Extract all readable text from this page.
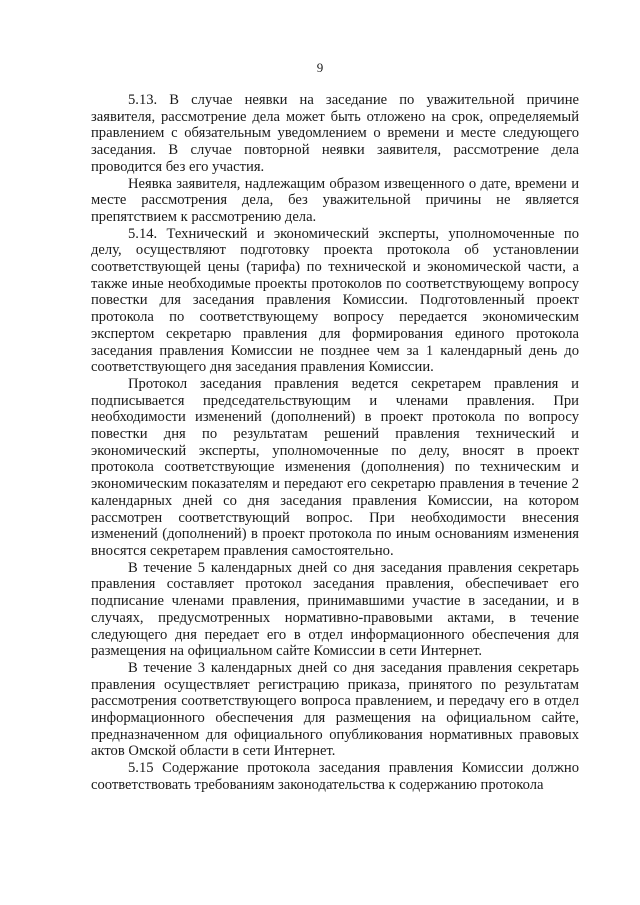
9

5.13. В случае неявки на заседание по уважительной причине заявителя, рассмотрение дела может быть отложено на срок, определяемый правлением с обязательным уведомлением о времени и месте следующего заседания. В случае повторной неявки заявителя, рассмотрение дела проводится без его участия.

Неявка заявителя, надлежащим образом извещенного о дате, времени и месте рассмотрения дела, без уважительной причины не является препятствием к рассмотрению дела.

5.14. Технический и экономический эксперты, уполномоченные по делу, осуществляют подготовку проекта протокола об установлении соответствующей цены (тарифа) по технической и экономической части, а также иные необходимые проекты протоколов по соответствующему вопросу повестки для заседания правления Комиссии. Подготовленный проект протокола по соответствующему вопросу передается экономическим экспертом секретарю правления для формирования единого протокола заседания правления Комиссии не позднее чем за 1 календарный день до соответствующего дня заседания правления Комиссии.

Протокол заседания правления ведется секретарем правления и подписывается председательствующим и членами правления. При необходимости изменений (дополнений) в проект протокола по вопросу повестки дня по результатам решений правления технический и экономический эксперты, уполномоченные по делу, вносят в проект протокола соответствующие изменения (дополнения) по техническим и экономическим показателям и передают его секретарю правления в течение 2 календарных дней со дня заседания правления Комиссии, на котором рассмотрен соответствующий вопрос. При необходимости внесения изменений (дополнений) в проект протокола по иным основаниям изменения вносятся секретарем правления самостоятельно.

В течение 5 календарных дней со дня заседания правления секретарь правления составляет протокол заседания правления, обеспечивает его подписание членами правления, принимавшими участие в заседании, и в случаях, предусмотренных нормативно-правовыми актами, в течение следующего дня передает его в отдел информационного обеспечения для размещения на официальном сайте Комиссии в сети Интернет.

В течение 3 календарных дней со дня заседания правления секретарь правления осуществляет регистрацию приказа, принятого по результатам рассмотрения соответствующего вопроса правлением, и передачу его в отдел информационного обеспечения для размещения на официальном сайте, предназначенном для официального опубликования нормативных правовых актов Омской области в сети Интернет.

5.15 Содержание протокола заседания правления Комиссии должно соответствовать требованиям законодательства к содержанию протокола
